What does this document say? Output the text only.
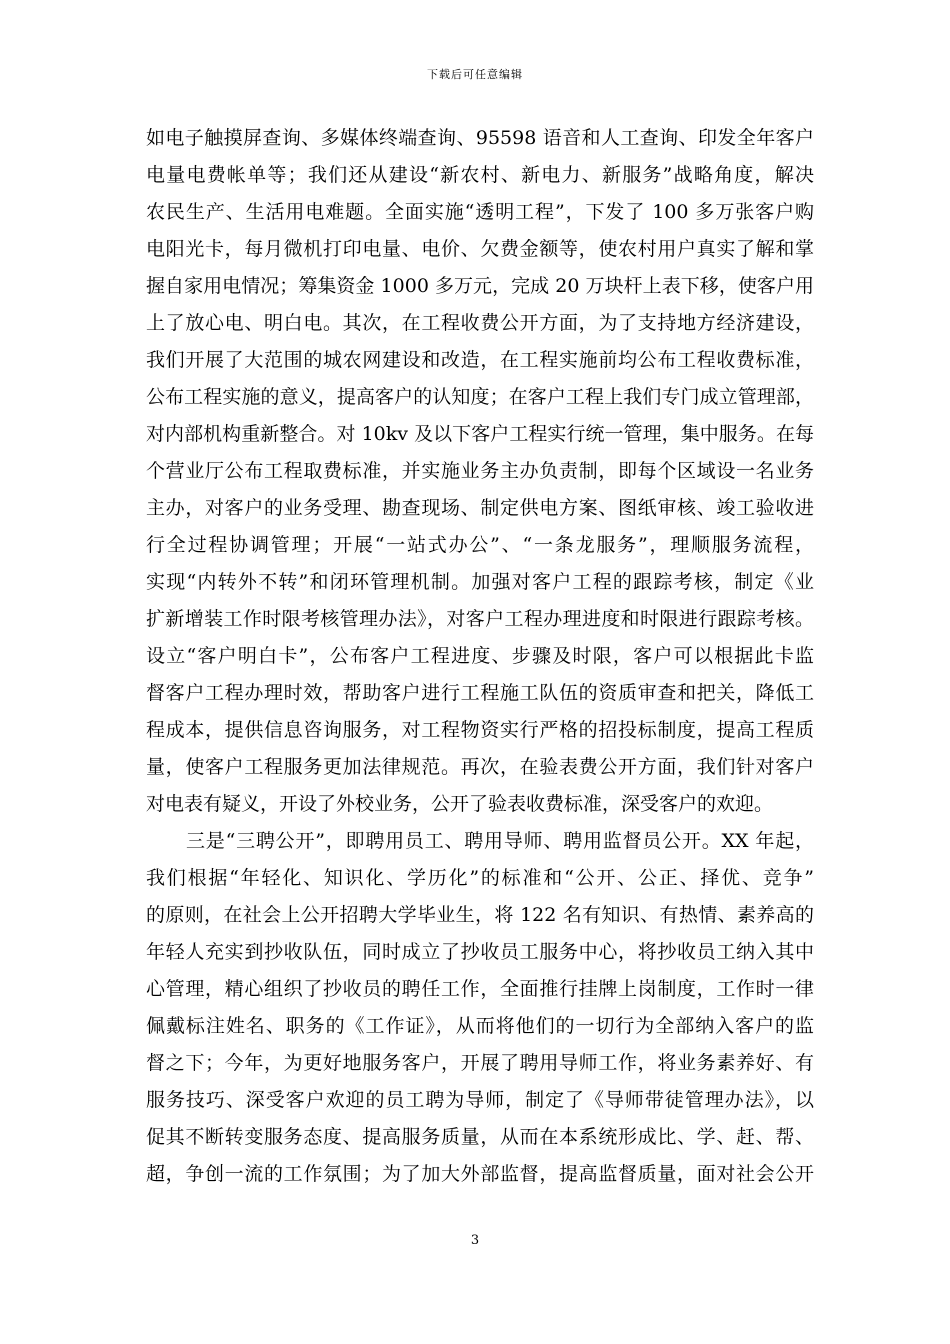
下载后可任意编辑
如电子触摸屏查询、多媒体终端查询、95598 语音和人工查询、印发全年客户
电量电费帐单等；我们还从建设“新农村、新电力、新服务”战略角度，解决
农民生产、生活用电难题。全面实施“透明工程”，下发了 100 多万张客户购
电阳光卡，每月微机打印电量、电价、欠费金额等，使农村用户真实了解和掌
握自家用电情况；筹集资金 1000 多万元，完成 20 万块杆上表下移，使客户用
上了放心电、明白电。其次，在工程收费公开方面，为了支持地方经济建设，
我们开展了大范围的城农网建设和改造，在工程实施前均公布工程收费标准，
公布工程实施的意义，提高客户的认知度；在客户工程上我们专门成立管理部，
对内部机构重新整合。对 10kv 及以下客户工程实行统一管理，集中服务。在每
个营业厅公布工程取费标准，并实施业务主办负责制，即每个区域设一名业务
主办，对客户的业务受理、勘查现场、制定供电方案、图纸审核、竣工验收进
行全过程协调管理；开展“一站式办公”、“一条龙服务”，理顺服务流程，
实现“内转外不转”和闭环管理机制。加强对客户工程的跟踪考核，制定《业
扩新增装工作时限考核管理办法》，对客户工程办理进度和时限进行跟踪考核。
设立“客户明白卡”，公布客户工程进度、步骤及时限，客户可以根据此卡监
督客户工程办理时效，帮助客户进行工程施工队伍的资质审查和把关，降低工
程成本，提供信息咨询服务，对工程物资实行严格的招投标制度，提高工程质
量，使客户工程服务更加法律规范。再次，在验表费公开方面，我们针对客户
对电表有疑义，开设了外校业务，公开了验表收费标准，深受客户的欢迎。
三是“三聘公开”，即聘用员工、聘用导师、聘用监督员公开。XX 年起，
我们根据“年轻化、知识化、学历化”的标准和“公开、公正、择优、竞争”
的原则，在社会上公开招聘大学毕业生，将 122 名有知识、有热情、素养高的
年轻人充实到抄收队伍，同时成立了抄收员工服务中心，将抄收员工纳入其中
心管理，精心组织了抄收员的聘任工作，全面推行挂牌上岗制度，工作时一律
佩戴标注姓名、职务的《工作证》，从而将他们的一切行为全部纳入客户的监
督之下；今年，为更好地服务客户，开展了聘用导师工作，将业务素养好、有
服务技巧、深受客户欢迎的员工聘为导师，制定了《导师带徒管理办法》，以
促其不断转变服务态度、提高服务质量，从而在本系统形成比、学、赶、帮、
超，争创一流的工作氛围；为了加大外部监督，提高监督质量，面对社会公开
3
